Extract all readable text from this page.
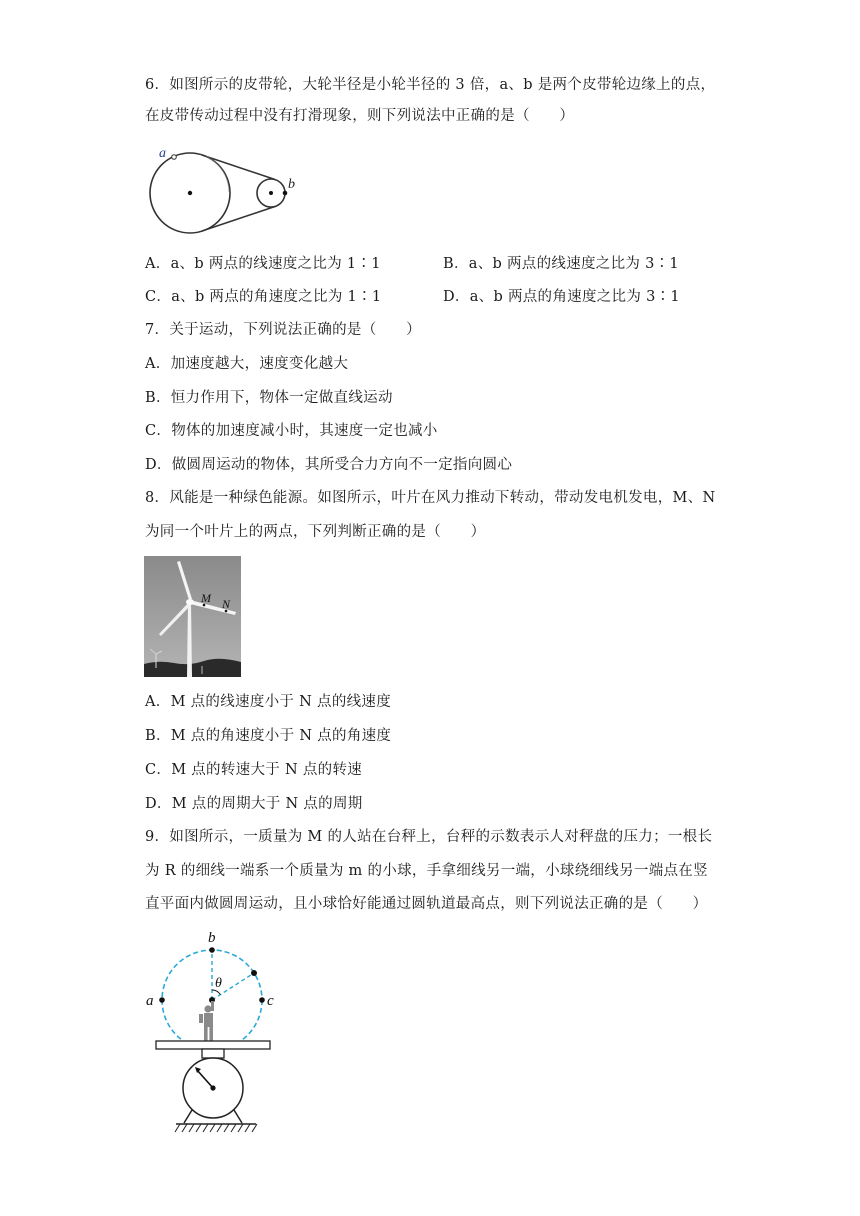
6．如图所示的皮带轮，大轮半径是小轮半径的 3 倍，a、b 是两个皮带轮边缘上的点，
在皮带传动过程中没有打滑现象，则下列说法中正确的是（　　）
a
b
A．a、b 两点的线速度之比为 1∶1	B．a、b 两点的线速度之比为 3∶1
C．a、b 两点的角速度之比为 1∶1	D．a、b 两点的角速度之比为 3∶1
7．关于运动，下列说法正确的是（　　）
A．加速度越大，速度变化越大
B．恒力作用下，物体一定做直线运动
C．物体的加速度减小时，其速度一定也减小
D．做圆周运动的物体，其所受合力方向不一定指向圆心
8．风能是一种绿色能源。如图所示，叶片在风力推动下转动，带动发电机发电，M、N
为同一个叶片上的两点，下列判断正确的是（　　）
M N
A．M 点的线速度小于 N 点的线速度
B．M 点的角速度小于 N 点的角速度
C．M 点的转速大于 N 点的转速
D．M 点的周期大于 N 点的周期
9．如图所示，一质量为 M 的人站在台秤上，台秤的示数表示人对秤盘的压力；一根长
为 R 的细线一端系一个质量为 m 的小球，手拿细线另一端，小球绕细线另一端点在竖
直平面内做圆周运动，且小球恰好能通过圆轨道最高点，则下列说法正确的是（　　）
b
a	c
θ
